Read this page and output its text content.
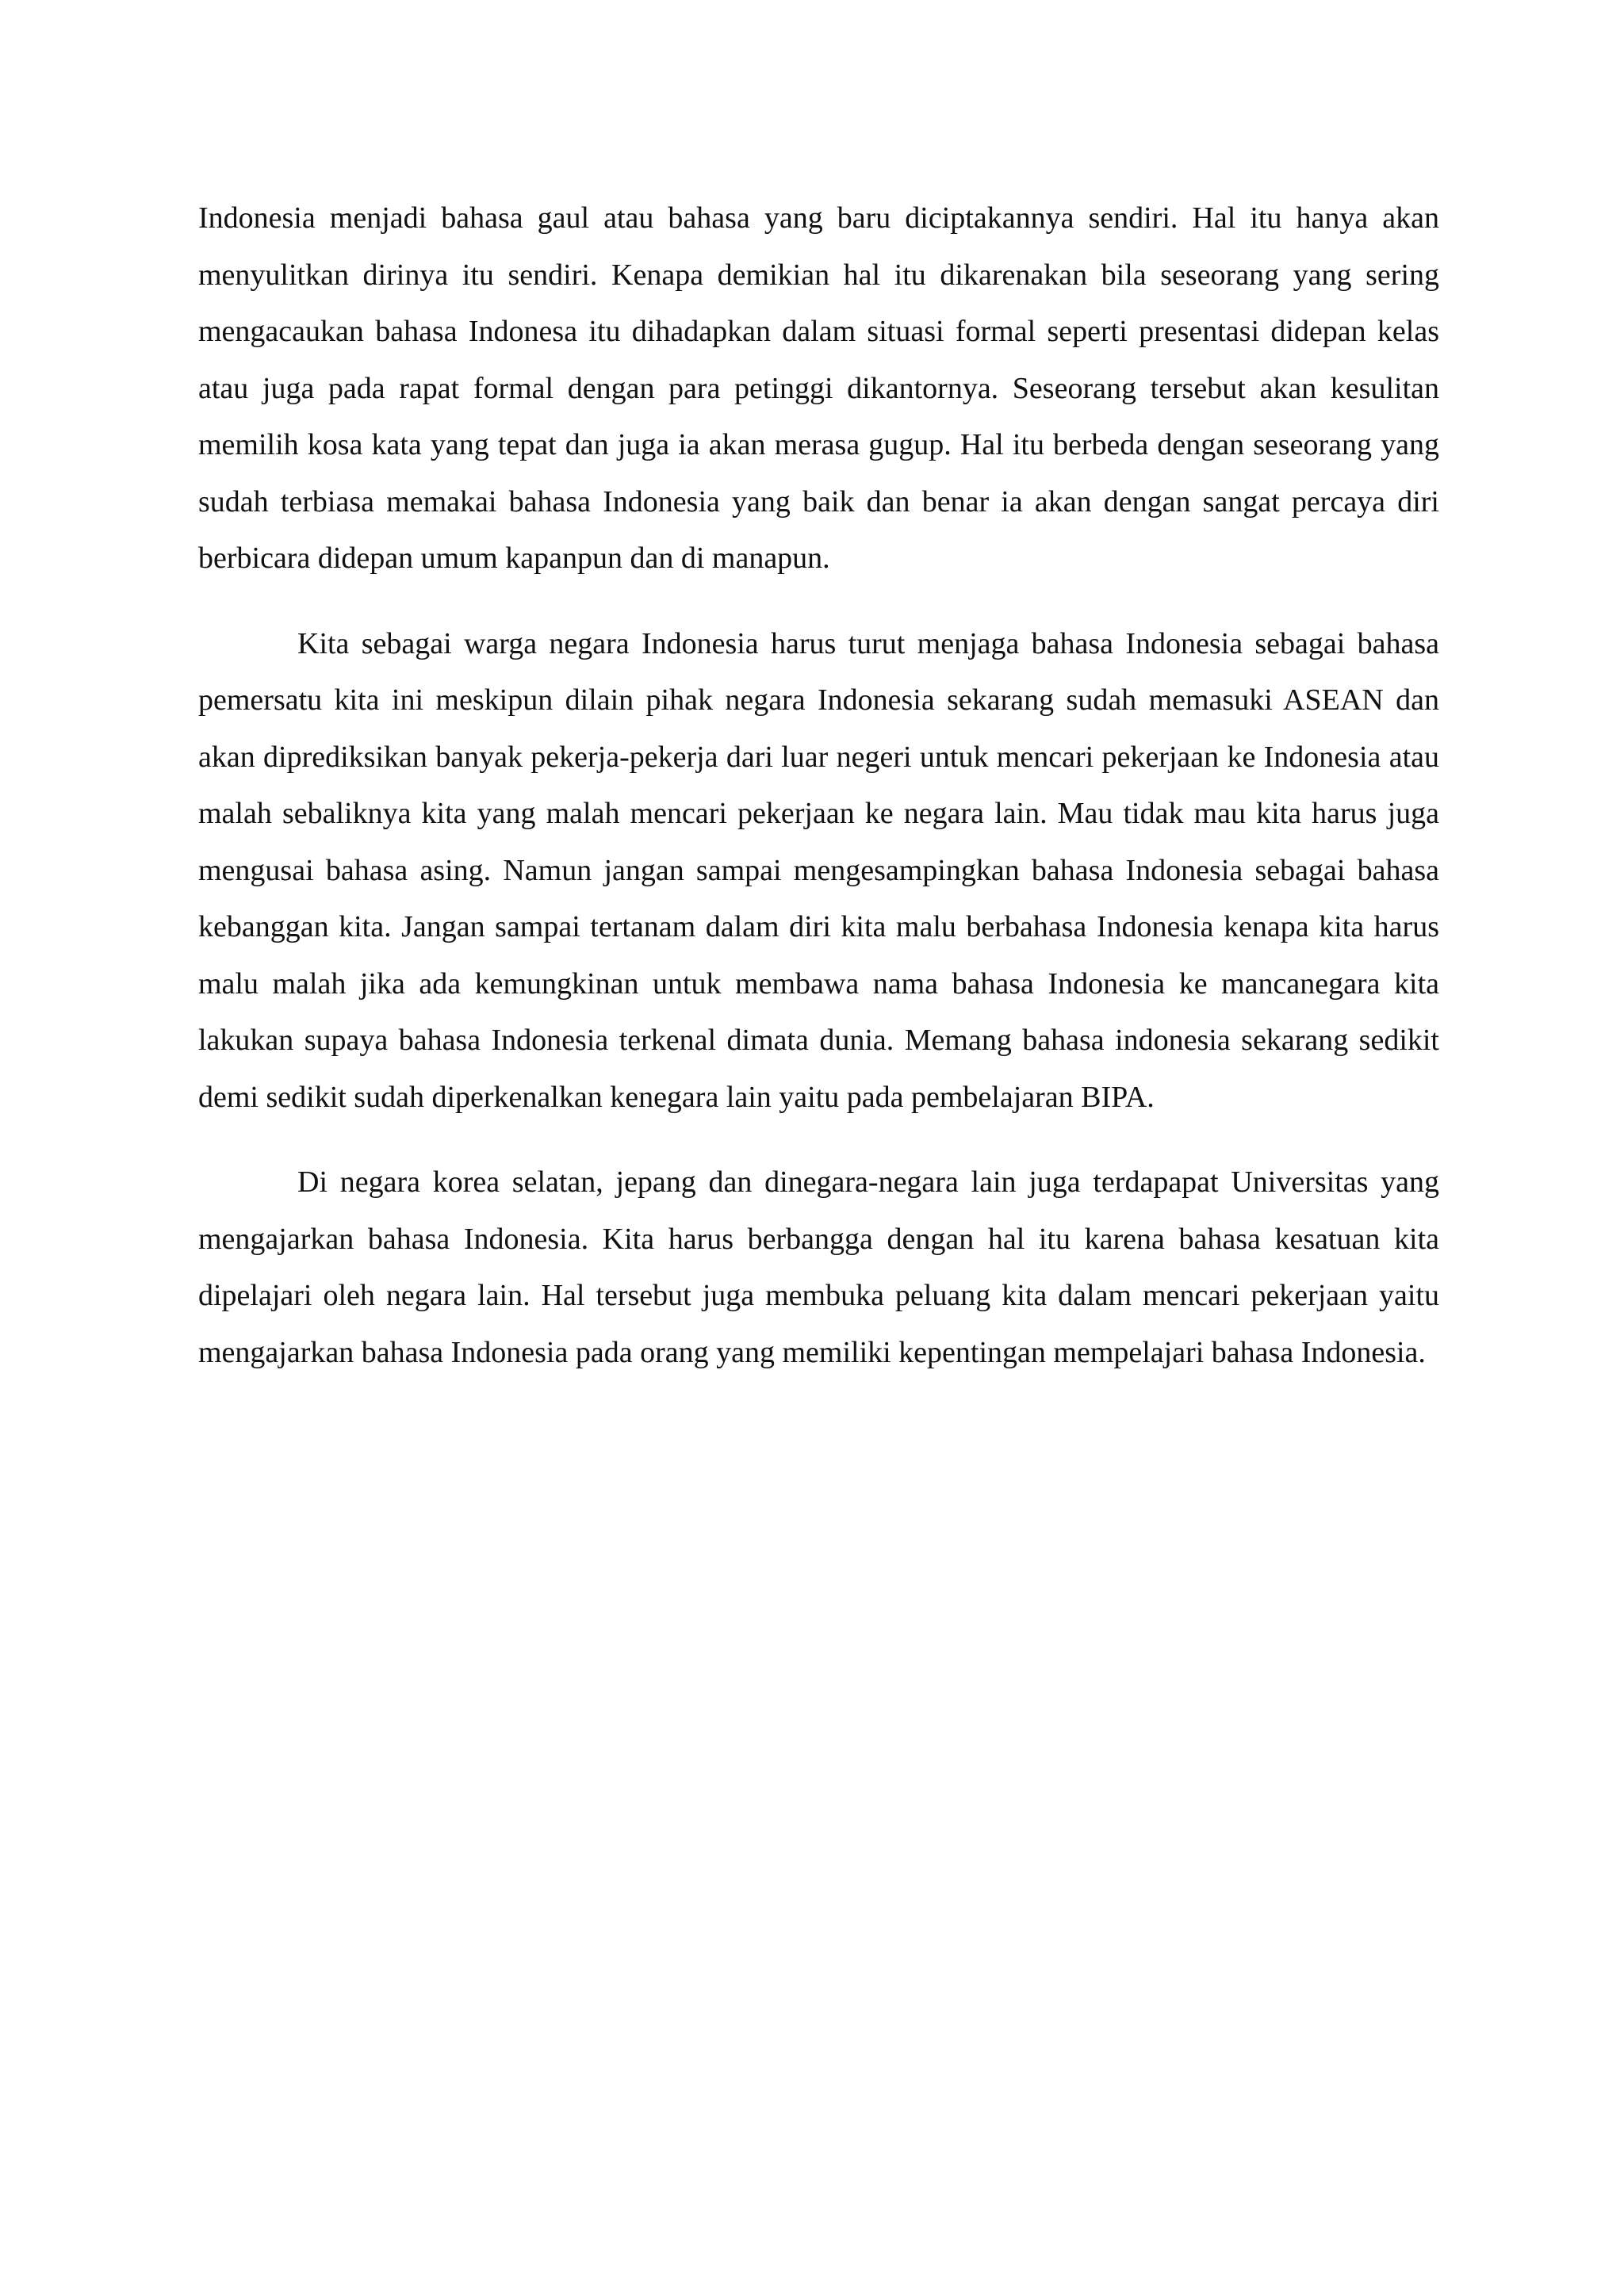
Indonesia menjadi bahasa gaul atau bahasa yang baru diciptakannya sendiri. Hal itu hanya akan menyulitkan dirinya itu sendiri. Kenapa demikian hal itu dikarenakan bila seseorang yang sering mengacaukan bahasa Indonesa itu dihadapkan dalam situasi formal seperti presentasi didepan kelas atau juga pada rapat formal dengan para petinggi dikantornya. Seseorang tersebut akan kesulitan memilih kosa kata yang tepat dan juga ia akan merasa gugup. Hal itu berbeda dengan seseorang yang sudah terbiasa memakai bahasa Indonesia yang baik dan benar ia akan dengan sangat percaya diri berbicara didepan umum kapanpun dan di manapun.

Kita sebagai warga negara Indonesia harus turut menjaga bahasa Indonesia sebagai bahasa pemersatu kita ini meskipun dilain pihak negara Indonesia sekarang sudah memasuki ASEAN dan akan diprediksikan banyak pekerja-pekerja dari luar negeri untuk mencari pekerjaan ke Indonesia atau malah sebaliknya kita yang malah mencari pekerjaan ke negara lain. Mau tidak mau kita harus juga mengusai bahasa asing. Namun jangan sampai mengesampingkan bahasa Indonesia sebagai bahasa kebanggan kita. Jangan sampai tertanam dalam diri kita malu berbahasa Indonesia kenapa kita harus malu malah jika ada kemungkinan untuk membawa nama bahasa Indonesia ke mancanegara kita lakukan supaya bahasa Indonesia terkenal dimata dunia. Memang bahasa indonesia sekarang sedikit demi sedikit sudah diperkenalkan kenegara lain yaitu pada pembelajaran BIPA.

Di negara korea selatan, jepang dan dinegara-negara lain juga terdapapat Universitas yang mengajarkan bahasa Indonesia. Kita harus berbangga dengan hal itu karena bahasa kesatuan kita dipelajari oleh negara lain. Hal tersebut juga membuka peluang kita dalam mencari pekerjaan yaitu mengajarkan bahasa Indonesia pada orang yang memiliki kepentingan mempelajari bahasa Indonesia.
